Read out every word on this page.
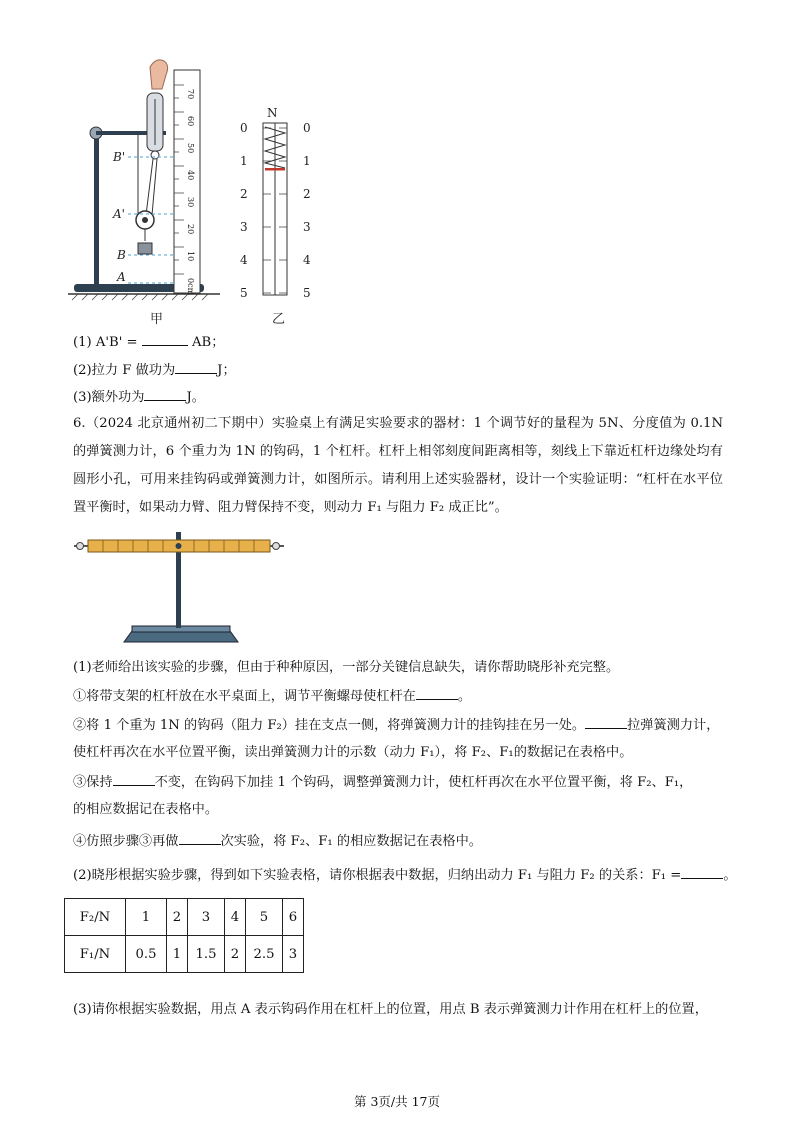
70
60
50
40
30
20
10
0cm
B'
A'
B
A
甲
N
0
1
2
3
4
5
0
1
2
3
4
5
乙
(1) A'B' =	AB；
(2)拉力 F 做功为	J；
(3)额外功为	J。
6.（2024 北京通州初二下期中）实验桌上有满足实验要求的器材：1 个调节好的量程为 5N、分度值为 0.1N 的弹簧测力计，6 个重力为 1N 的钩码，1 个杠杆。杠杆上相邻刻度间距离相等，刻线上下靠近杠杆边缘处均有圆形小孔，可用来挂钩码或弹簧测力计，如图所示。请利用上述实验器材，设计一个实验证明：“杠杆在水平位置平衡时，如果动力臂、阻力臂保持不变，则动力 F₁ 与阻力 F₂ 成正比”。
(1)老师给出该实验的步骤，但由于种种原因，一部分关键信息缺失，请你帮助晓彤补充完整。
①将带支架的杠杆放在水平桌面上，调节平衡螺母使杠杆在	。
②将 1 个重为 1N 的钩码（阻力 F₂）挂在支点一侧，将弹簧测力计的挂钩挂在另一处。	拉弹簧测力计，
使杠杆再次在水平位置平衡，读出弹簧测力计的示数（动力 F₁），将 F₂、F₁的数据记在表格中。
③保持	不变，在钩码下加挂 1 个钩码，调整弹簧测力计，使杠杆再次在水平位置平衡，将 F₂、F₁，
的相应数据记在表格中。
④仿照步骤③再做	次实验，将 F₂、F₁ 的相应数据记在表格中。
(2)晓彤根据实验步骤，得到如下实验表格，请你根据表中数据，归纳出动力 F₁ 与阻力 F₂ 的关系：F₁ =	。
F₂/N	1	2	3	4	5	6
F₁/N	0.5	1	1.5	2	2.5	3
(3)请你根据实验数据，用点 A 表示钩码作用在杠杆上的位置，用点 B 表示弹簧测力计作用在杠杆上的位置，
第 3页/共 17页
